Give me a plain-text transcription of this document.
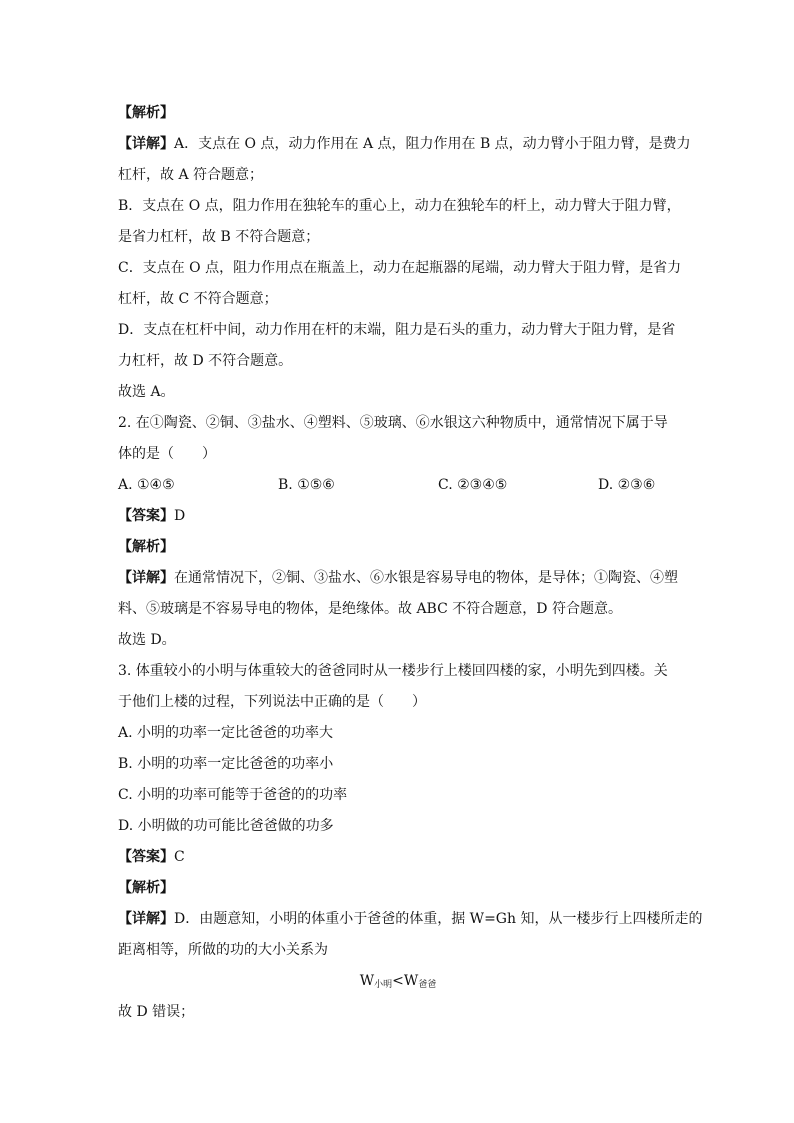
【解析】
【详解】A．支点在 O 点，动力作用在 A 点，阻力作用在 B 点，动力臂小于阻力臂，是费力
杠杆，故 A 符合题意；
B．支点在 O 点，阻力作用在独轮车的重心上，动力在独轮车的杆上，动力臂大于阻力臂，
是省力杠杆，故 B 不符合题意；
C．支点在 O 点，阻力作用点在瓶盖上，动力在起瓶器的尾端，动力臂大于阻力臂，是省力
杠杆，故 C 不符合题意；
D．支点在杠杆中间，动力作用在杆的末端，阻力是石头的重力，动力臂大于阻力臂，是省
力杠杆，故 D 不符合题意。
故选 A。
2. 在①陶瓷、②铜、③盐水、④塑料、⑤玻璃、⑥水银这六种物质中，通常情况下属于导
体的是（　　）
A. ①④⑤	B. ①⑤⑥	C. ②③④⑤	D. ②③⑥
【答案】D
【解析】
【详解】在通常情况下，②铜、③盐水、⑥水银是容易导电的物体，是导体；①陶瓷、④塑
料、⑤玻璃是不容易导电的物体，是绝缘体。故 ABC 不符合题意，D 符合题意。
故选 D。
3. 体重较小的小明与体重较大的爸爸同时从一楼步行上楼回四楼的家，小明先到四楼。关
于他们上楼的过程，下列说法中正确的是（　　）
A. 小明的功率一定比爸爸的功率大
B. 小明的功率一定比爸爸的功率小
C. 小明的功率可能等于爸爸的的功率
D. 小明做的功可能比爸爸做的功多
【答案】C
【解析】
【详解】D．由题意知，小明的体重小于爸爸的体重，据 W=Gh 知，从一楼步行上四楼所走的
距离相等，所做的功的大小关系为
$W_{小明}<W_{爸爸}$
故 D 错误；
